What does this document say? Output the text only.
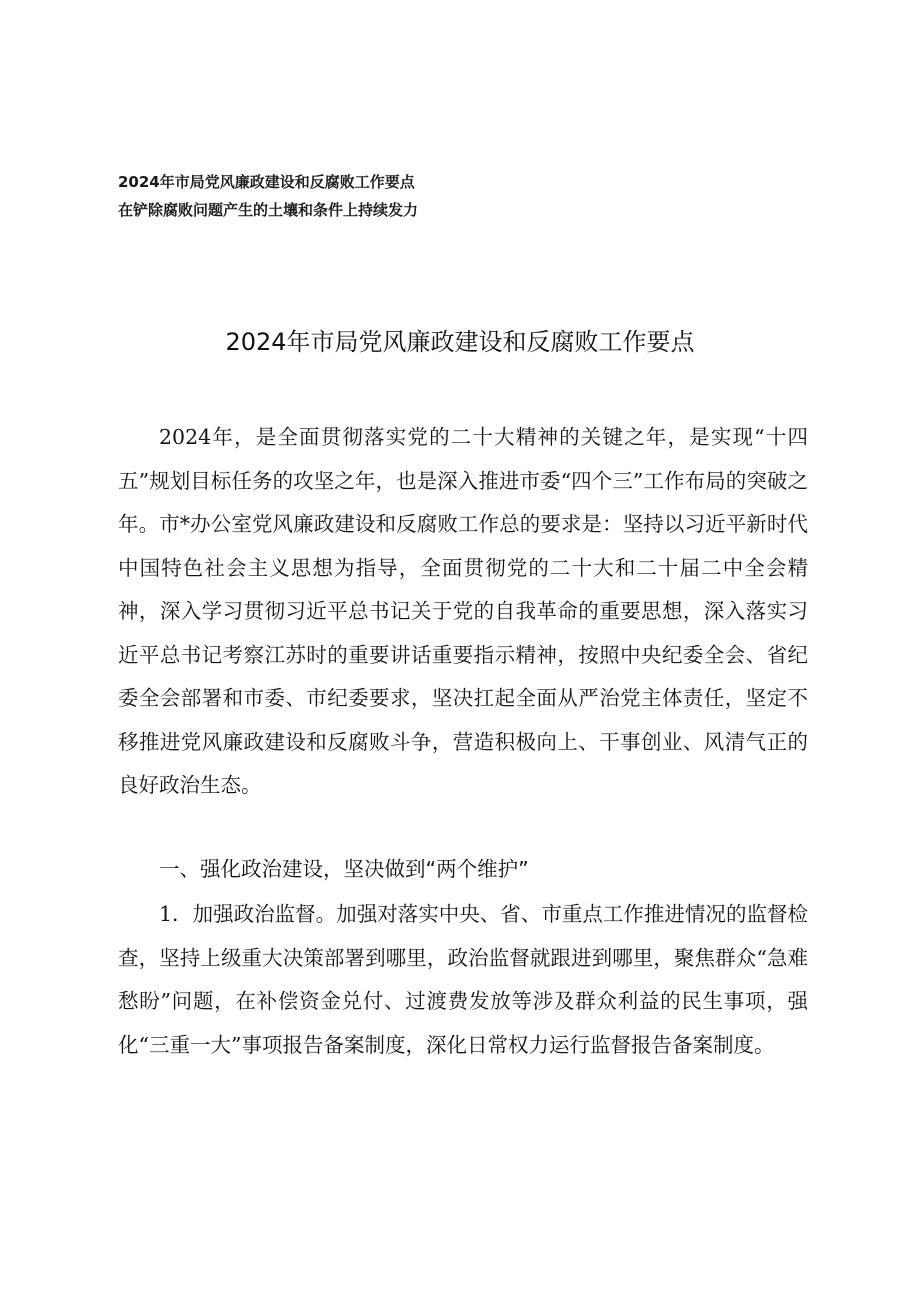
2024年市局党风廉政建设和反腐败工作要点
在铲除腐败问题产生的土壤和条件上持续发力
2024年市局党风廉政建设和反腐败工作要点

2024年，是全面贯彻落实党的二十大精神的关键之年，是实现“十四五”规划目标任务的攻坚之年，也是深入推进市委“四个三”工作布局的突破之年。市*办公室党风廉政建设和反腐败工作总的要求是：坚持以习近平新时代中国特色社会主义思想为指导，全面贯彻党的二十大和二十届二中全会精神，深入学习贯彻习近平总书记关于党的自我革命的重要思想，深入落实习近平总书记考察江苏时的重要讲话重要指示精神，按照中央纪委全会、省纪委全会部署和市委、市纪委要求，坚决扛起全面从严治党主体责任，坚定不移推进党风廉政建设和反腐败斗争，营造积极向上、干事创业、风清气正的良好政治生态。

一、强化政治建设，坚决做到“两个维护”

1．加强政治监督。加强对落实中央、省、市重点工作推进情况的监督检查，坚持上级重大决策部署到哪里，政治监督就跟进到哪里，聚焦群众“急难愁盼”问题，在补偿资金兑付、过渡费发放等涉及群众利益的民生事项，强化“三重一大”事项报告备案制度，深化日常权力运行监督报告备案制度。
